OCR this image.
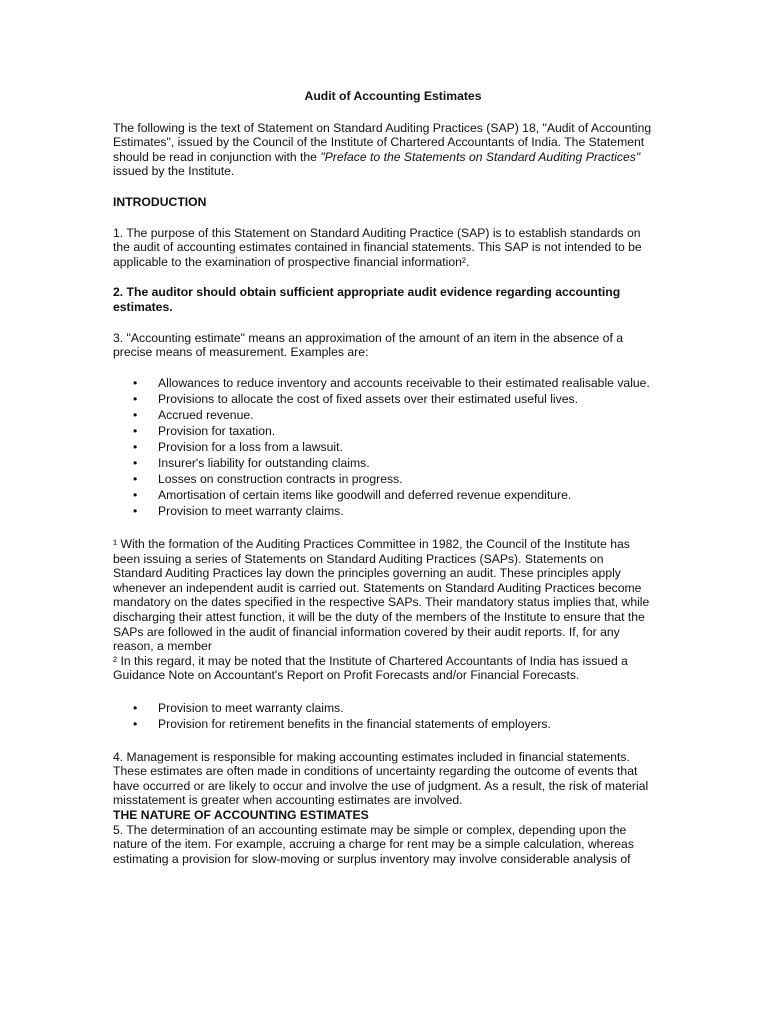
Audit of Accounting Estimates

The following is the text of Statement on Standard Auditing Practices (SAP) 18, "Audit of Accounting Estimates", issued by the Council of the Institute of Chartered Accountants of India. The Statement should be read in conjunction with the "Preface to the Statements on Standard Auditing Practices" issued by the Institute.

INTRODUCTION

1. The purpose of this Statement on Standard Auditing Practice (SAP) is to establish standards on the audit of accounting estimates contained in financial statements. This SAP is not intended to be applicable to the examination of prospective financial information².

2. The auditor should obtain sufficient appropriate audit evidence regarding accounting estimates.

3. "Accounting estimate" means an approximation of the amount of an item in the absence of a precise means of measurement. Examples are:

• Allowances to reduce inventory and accounts receivable to their estimated realisable value.
• Provisions to allocate the cost of fixed assets over their estimated useful lives.
• Accrued revenue.
• Provision for taxation.
• Provision for a loss from a lawsuit.
• Insurer's liability for outstanding claims.
• Losses on construction contracts in progress.
• Amortisation of certain items like goodwill and deferred revenue expenditure.
• Provision to meet warranty claims.

¹ With the formation of the Auditing Practices Committee in 1982, the Council of the Institute has been issuing a series of Statements on Standard Auditing Practices (SAPs). Statements on Standard Auditing Practices lay down the principles governing an audit. These principles apply whenever an independent audit is carried out. Statements on Standard Auditing Practices become mandatory on the dates specified in the respective SAPs. Their mandatory status implies that, while discharging their attest function, it will be the duty of the members of the Institute to ensure that the SAPs are followed in the audit of financial information covered by their audit reports. If, for any reason, a member

² In this regard, it may be noted that the Institute of Chartered Accountants of India has issued a Guidance Note on Accountant's Report on Profit Forecasts and/or Financial Forecasts.

• Provision to meet warranty claims.
• Provision for retirement benefits in the financial statements of employers.

4. Management is responsible for making accounting estimates included in financial statements. These estimates are often made in conditions of uncertainty regarding the outcome of events that have occurred or are likely to occur and involve the use of judgment. As a result, the risk of material misstatement is greater when accounting estimates are involved.

THE NATURE OF ACCOUNTING ESTIMATES

5. The determination of an accounting estimate may be simple or complex, depending upon the nature of the item. For example, accruing a charge for rent may be a simple calculation, whereas estimating a provision for slow-moving or surplus inventory may involve considerable analysis of
